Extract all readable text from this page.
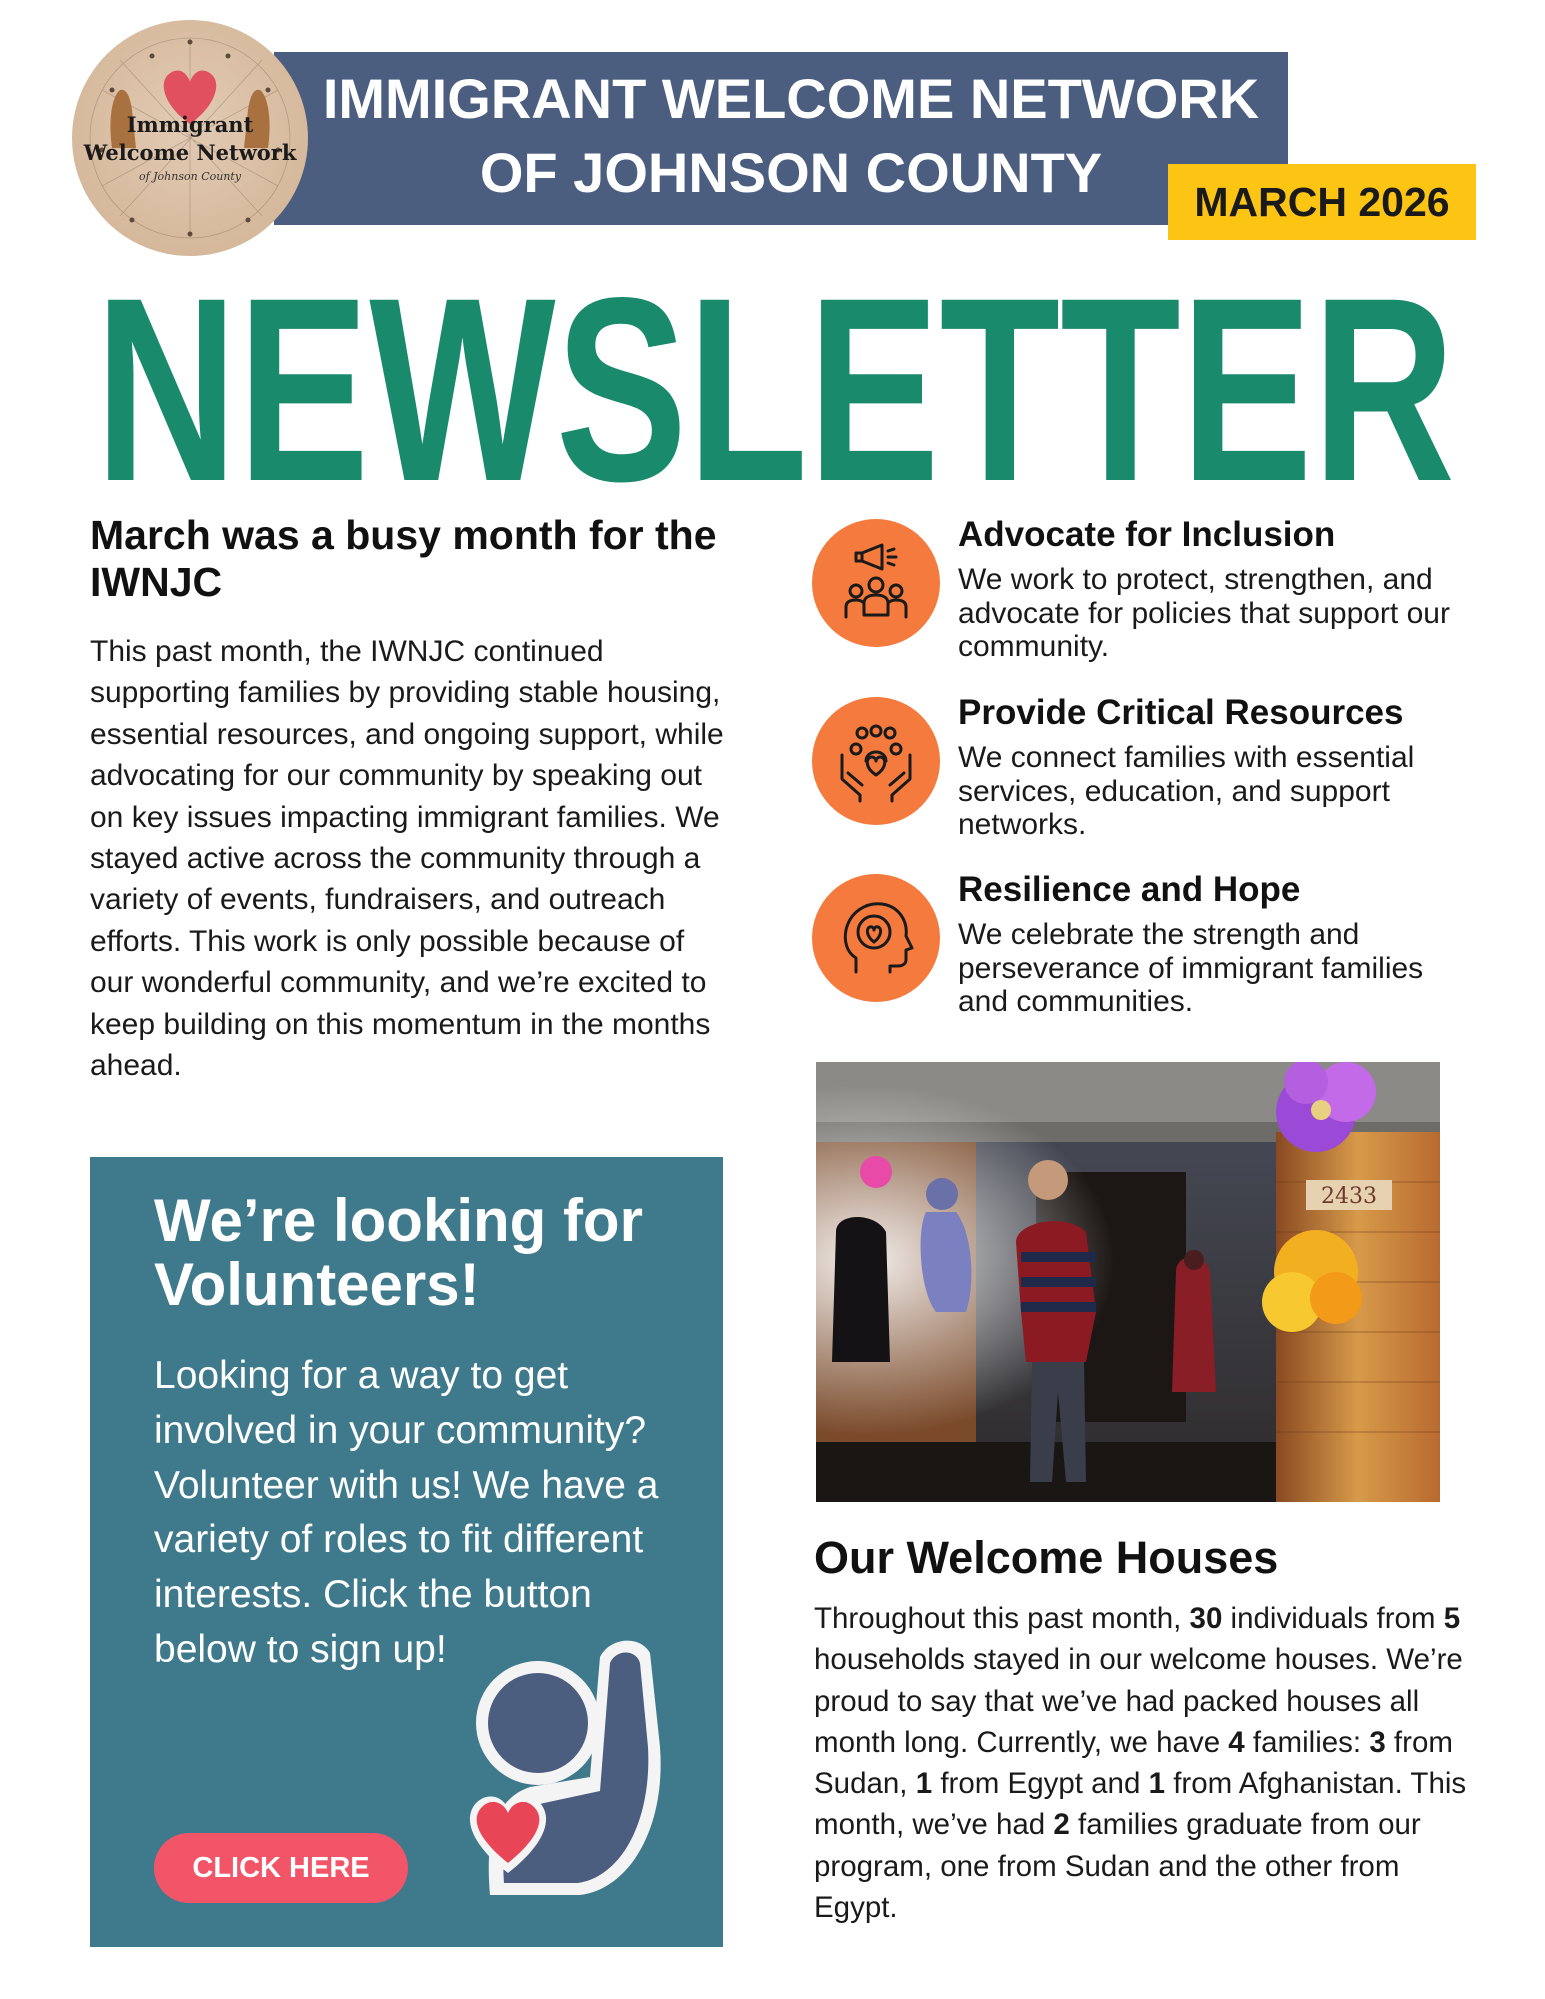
IMMIGRANT WELCOME NETWORK
OF JOHNSON COUNTY
Immigrant
Welcome Network
of Johnson County
MARCH 2026
NEWSLETTER
March was a busy month for the IWNJC
This past month, the IWNJC continued supporting families by providing stable housing, essential resources, and ongoing support, while advocating for our community by speaking out on key issues impacting immigrant families. We stayed active across the community through a variety of events, fundraisers, and outreach efforts. This work is only possible because of our wonderful community, and we’re excited to keep building on this momentum in the months ahead.
We’re looking for Volunteers!
Looking for a way to get involved in your community? Volunteer with us! We have a variety of roles to fit different interests. Click the button below to sign up!
CLICK HERE
Advocate for Inclusion
We work to protect, strengthen, and advocate for policies that support our community.
Provide Critical Resources
We connect families with essential services, education, and support networks.
Resilience and Hope
We celebrate the strength and perseverance of immigrant families and communities.
2433
Our Welcome Houses
Throughout this past month, 30 individuals from 5 households stayed in our welcome houses. We’re proud to say that we’ve had packed houses all month long. Currently, we have 4 families: 3 from Sudan, 1 from Egypt and 1 from Afghanistan. This month, we’ve had 2 families graduate from our program, one from Sudan and the other from Egypt.
